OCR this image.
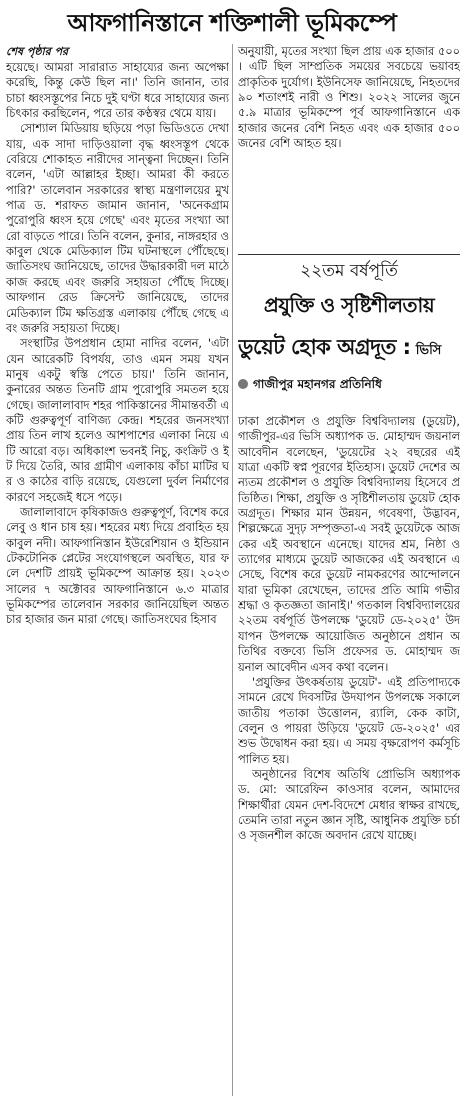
আফগানিস্তানে শক্তিশালী ভূমিকম্পে

শেষ পৃষ্ঠার পর

হয়েছে। আমরা সারারাত সাহায্যের জন্য অপেক্ষা করেছি, কিন্তু কেউ ছিল না।' তিনি জানান, তার চাচা ধ্বংসস্তূপের নিচে দুই ঘণ্টা ধরে সাহায্যের জন্য চিৎকার করছিলেন, পরে তার কণ্ঠস্বর থেমে যায়।

সোশ্যাল মিডিয়ায় ছড়িয়ে পড়া ভিডিওতে দেখা যায়, এক সাদা দাড়িওয়ালা বৃদ্ধ ধ্বংসস্তূপ থেকে বেরিয়ে শোকাহত নারীদের সান্ত্বনা দিচ্ছেন। তিনি বলেন, 'এটা আল্লাহর ইচ্ছা। আমরা কী করতে পারি?' তালেবান সরকারের স্বাস্থ্য মন্ত্রণালয়ের মুখপাত্র ড. শরাফত জামান জানান, 'অনেকগ্রাম পুরোপুরি ধ্বংস হয়ে গেছে' এবং মৃতের সংখ্যা আরো বাড়তে পারে। তিনি বলেন, কুনার, নাঙ্গরহার ও কাবুল থেকে মেডিক্যাল টিম ঘটনাস্থলে পৌঁছেছে। জাতিসংঘ জানিয়েছে, তাদের উদ্ধারকারী দল মাঠে কাজ করছে এবং জরুরি সহায়তা পৌঁছে দিচ্ছে। আফগান রেড ক্রিসেন্ট জানিয়েছে, তাদের মেডিক্যাল টিম ক্ষতিগ্রস্ত এলাকায় পৌঁছে গেছে এবং জরুরি সহায়তা দিচ্ছে।

সংস্থাটির উপপ্রধান হোমা নাদির বলেন, 'এটা যেন আরেকটি বিপর্যয়, তাও এমন সময় যখন মানুষ একটু স্বস্তি পেতে চায়।' তিনি জানান, কুনারের অন্তত তিনটি গ্রাম পুরোপুরি সমতল হয়ে গেছে। জালালাবাদ শহর পাকিস্তানের সীমান্তবর্তী একটি গুরুত্বপূর্ণ বাণিজ্য কেন্দ্র। শহরের জনসংখ্যা প্রায় তিন লাখ হলেও আশপাশের এলাকা নিয়ে এটি আরো বড়। অধিকাংশ ভবনই নিচু, কংক্রিট ও ইট দিয়ে তৈরি, আর গ্রামীণ এলাকায় কাঁচা মাটির ঘর ও কাঠের বাড়ি রয়েছে, যেগুলো দুর্বল নির্মাণের কারণে সহজেই ধসে পড়ে।

জালালাবাদে কৃষিকাজও গুরুত্বপূর্ণ, বিশেষ করে লেবু ও ধান চাষ হয়। শহরের মধ্য দিয়ে প্রবাহিত হয় কাবুল নদী। আফগানিস্তান ইউরেশিয়ান ও ইন্ডিয়ান টেকটোনিক প্লেটের সংযোগস্থলে অবস্থিত, যার ফলে দেশটি প্রায়ই ভূমিকম্পে আক্রান্ত হয়। ২০২৩ সালের ৭ অক্টোবর আফগানিস্তানে ৬.৩ মাত্রার ভূমিকম্পের তালেবান সরকার জানিয়েছিল অন্তত চার হাজার জন মারা গেছে। জাতিসংঘের হিসাব

অনুযায়ী, মৃতের সংখ্যা ছিল প্রায় এক হাজার ৫০০। এটি ছিল সাম্প্রতিক সময়ের সবচেয়ে ভয়াবহ প্রাকৃতিক দুর্যোগ। ইউনিসেফ জানিয়েছে, নিহতদের ৯০ শতাংশই নারী ও শিশু। ২০২২ সালের জুনে ৫.৯ মাত্রার ভূমিকম্পে পূর্ব আফগানিস্তানে এক হাজার জনের বেশি নিহত এবং এক হাজার ৫০০ জনের বেশি আহত হয়।

২২তম বর্ষপূর্তি
প্রযুক্তি ও সৃষ্টিশীলতায়
ডুয়েট হোক অগ্রদূত : ভিসি
গাজীপুর মহানগর প্রতিনিধি

ঢাকা প্রকৌশল ও প্রযুক্তি বিশ্ববিদ্যালয় (ডুয়েট), গাজীপুর-এর ভিসি অধ্যাপক ড. মোহাম্মদ জয়নাল আবেদীন বলেছেন, 'ডুয়েটের ২২ বছরের এই যাত্রা একটি স্বপ্ন পূরণের ইতিহাস। ডুয়েট দেশের অন্যতম প্রকৌশল ও প্রযুক্তি বিশ্ববিদ্যালয় হিসেবে প্রতিষ্ঠিত। শিক্ষা, প্রযুক্তি ও সৃষ্টিশীলতায় ডুয়েট হোক অগ্রদূত। শিক্ষার মান উন্নয়ন, গবেষণা, উদ্ভাবন, শিল্পক্ষেত্রে সুদৃঢ় সম্পৃক্ততা-এ সবই ডুয়েটকে আজকের এই অবস্থানে এনেছে। যাদের শ্রম, নিষ্ঠা ও ত্যাগের মাধ্যমে ডুয়েট আজকের এই অবস্থানে এসেছে, বিশেষ করে ডুয়েট নামকরণের আন্দোলনে যারা ভূমিকা রেখেছেন, তাদের প্রতি আমি গভীর শ্রদ্ধা ও কৃতজ্ঞতা জানাই।' গতকাল বিশ্ববিদ্যালয়ের ২২তম বর্ষপূর্তি উপলক্ষে 'ডুয়েট ডে-২০২৫' উদযাপন উপলক্ষে আয়োজিত অনুষ্ঠানে প্রধান অতিথির বক্তব্যে ভিসি প্রফেসর ড. মোহাম্মদ জয়নাল আবেদীন এসব কথা বলেন।

'প্রযুক্তির উৎকর্ষতায় ডুয়েট'- এই প্রতিপাদ্যকে সামনে রেখে দিবসটির উদযাপন উপলক্ষে সকালে জাতীয় পতাকা উত্তোলন, র‍্যালি, কেক কাটা, বেলুন ও পায়রা উড়িয়ে 'ডুয়েট ডে-২০২৫' এর শুভ উদ্বোধন করা হয়। এ সময় বৃক্ষরোপণ কর্মসূচি পালিত হয়।

অনুষ্ঠানের বিশেষ অতিথি প্রোভিসি অধ্যাপক ড. মো: আরেফিন কাওসার বলেন, আমাদের শিক্ষার্থীরা যেমন দেশ-বিদেশে মেধার স্বাক্ষর রাখছে, তেমনি তারা নতুন জ্ঞান সৃষ্টি, আধুনিক প্রযুক্তি চর্চা ও সৃজনশীল কাজে অবদান রেখে যাচ্ছে।
